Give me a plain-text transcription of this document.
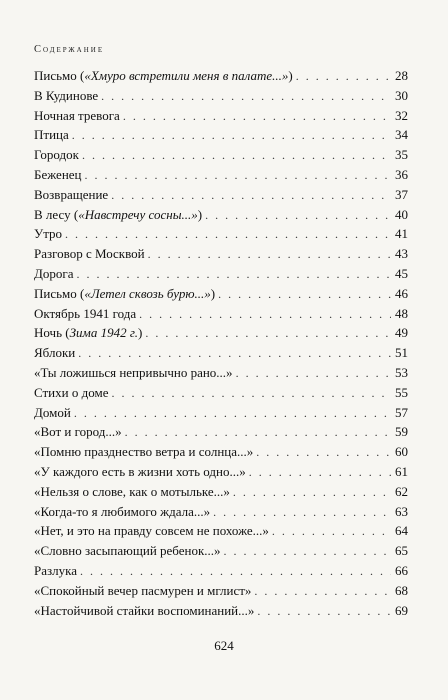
Содержание
Письмо («Хмуро встретили меня в палате...») . . .	28
В Кудинове . . .	30
Ночная тревога . . .	32
Птица . . .	34
Городок . . .	35
Беженец . . .	36
Возвращение . . .	37
В лесу («Навстречу сосны...») . . .	40
Утро . . .	41
Разговор с Москвой . . .	43
Дорога . . .	45
Письмо («Летел сквозь бурю...») . . .	46
Октябрь 1941 года . . .	48
Ночь (Зима 1942 г.) . . .	49
Яблоки . . .	51
«Ты ложишься непривычно рано...» . . .	53
Стихи о доме . . .	55
Домой . . .	57
«Вот и город...» . . .	59
«Помню празднество ветра и солнца...» . . .	60
«У каждого есть в жизни хоть одно...» . . .	61
«Нельзя о слове, как о мотыльке...» . . .	62
«Когда-то я любимого ждала...» . . .	63
«Нет, и это на правду совсем не похоже...» . . .	64
«Словно засыпающий ребенок...» . . .	65
Разлука . . .	66
«Спокойный вечер пасмурен и мглист» . . .	68
«Настойчивой стайки воспоминаний...» . . .	69
624
